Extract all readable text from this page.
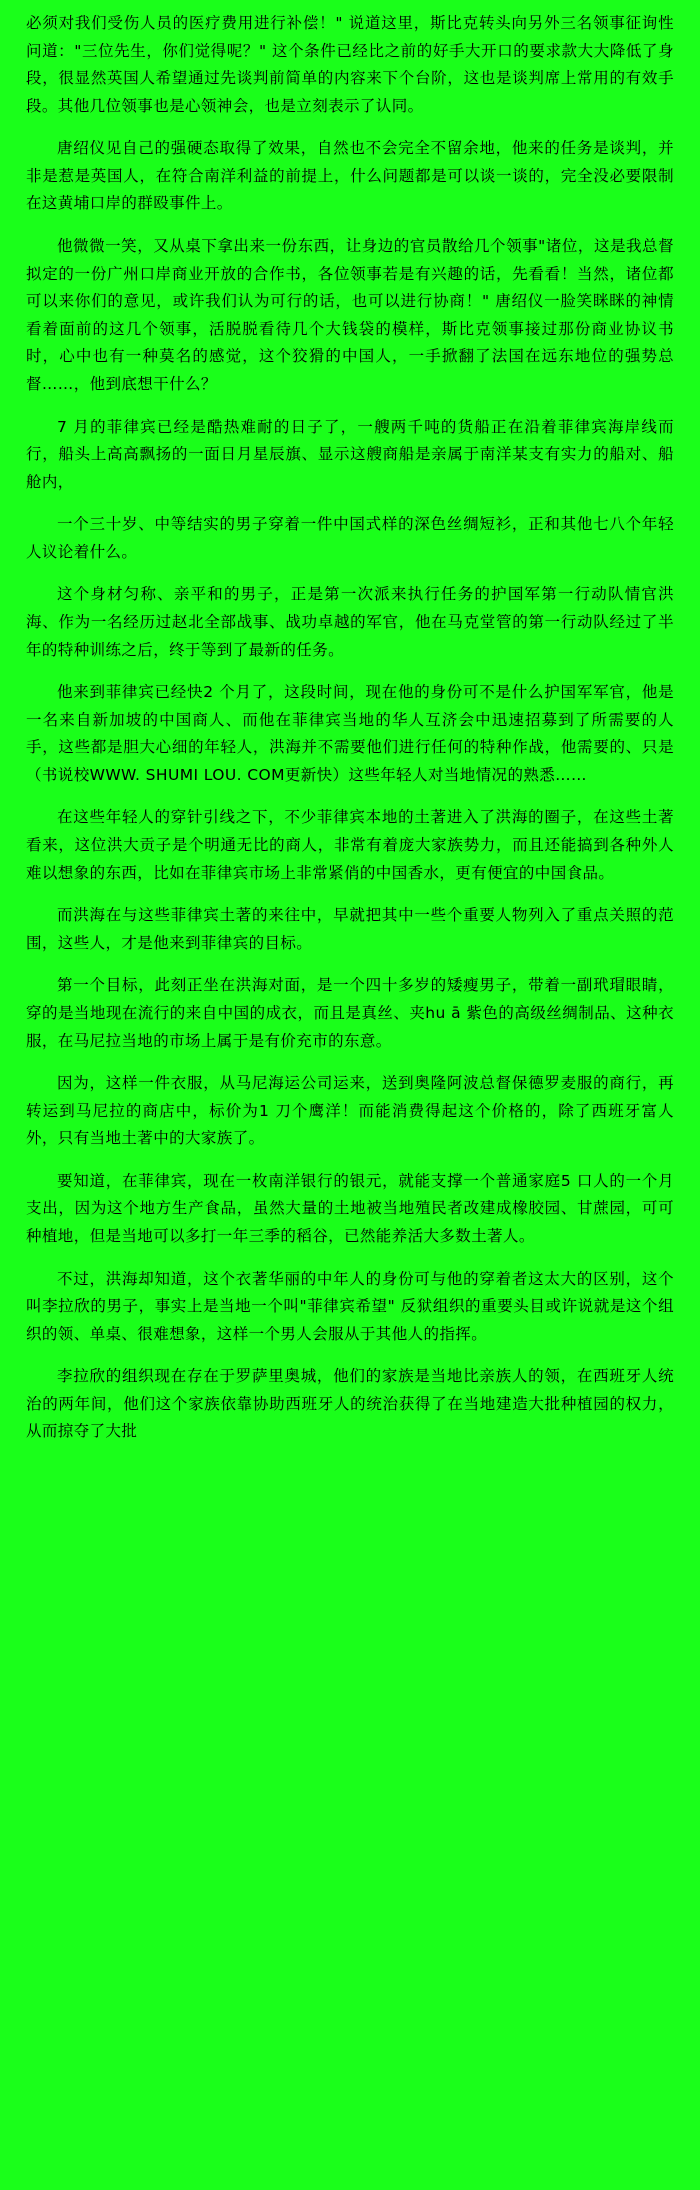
必须对我们受伤人员的医疗费用进行补偿！" 说道这里，斯比克转头向另外三名领事征询性问道："三位先生，你们觉得呢？" 这个条件已经比之前的好手大开口的要求款大大降低了身段，很显然英国人希望通过先谈判前简单的内容来下个台阶，这也是谈判席上常用的有效手段。其他几位领事也是心领神会，也是立刻表示了认同。

唐绍仪见自己的强硬态取得了效果，自然也不会完全不留余地，他来的任务是谈判，并非是惹是英国人，在符合南洋利益的前提上，什么问题都是可以谈一谈的，完全没必要限制在这黄埔口岸的群殴事件上。

他微微一笑，又从桌下拿出来一份东西，让身边的官员散给几个领事"诸位，这是我总督拟定的一份广州口岸商业开放的合作书，各位领事若是有兴趣的话，先看看！当然，诸位都可以来你们的意见，或许我们认为可行的话，也可以进行协商！" 唐绍仪一脸笑眯眯的神情看着面前的这几个领事，活脱脱看待几个大钱袋的模样，斯比克领事接过那份商业协议书时，心中也有一种莫名的感觉，这个狡猾的中国人，一手掀翻了法国在远东地位的强势总督……，他到底想干什么？

7 月的菲律宾已经是酷热难耐的日子了，一艘两千吨的货船正在沿着菲律宾海岸线而行，船头上高高飘扬的一面日月星辰旗、显示这艘商船是亲属于南洋某支有实力的船对、船舱内，

一个三十岁、中等结实的男子穿着一件中国式样的深色丝绸短衫，正和其他七八个年轻人议论着什么。

这个身材匀称、亲平和的男子，正是第一次派来执行任务的护国军第一行动队情官洪海、作为一名经历过赵北全部战事、战功卓越的军官，他在马克堂管的第一行动队经过了半年的特种训练之后，终于等到了最新的任务。

他来到菲律宾已经快2 个月了，这段时间，现在他的身份可不是什么护国军军官，他是一名来自新加坡的中国商人、而他在菲律宾当地的华人互济会中迅速招募到了所需要的人手，这些都是胆大心细的年轻人，洪海并不需要他们进行任何的特种作战，他需要的、只是（书说校WWW. SHUMI LOU. COM更新快）这些年轻人对当地情况的熟悉……

在这些年轻人的穿针引线之下，不少菲律宾本地的土著进入了洪海的圈子，在这些土著看来，这位洪大贡子是个明通无比的商人，非常有着庞大家族势力，而且还能搞到各种外人难以想象的东西，比如在菲律宾市场上非常紧俏的中国香水，更有便宜的中国食品。

而洪海在与这些菲律宾土著的来往中，早就把其中一些个重要人物列入了重点关照的范围，这些人，才是他来到菲律宾的目标。

第一个目标，此刻正坐在洪海对面，是一个四十多岁的矮瘦男子，带着一副玳瑁眼睛，穿的是当地现在流行的来自中国的成衣，而且是真丝、夹hu ā 紫色的高级丝绸制品、这种衣服，在马尼拉当地的市场上属于是有价充市的东意。

因为，这样一件衣服，从马尼海运公司运来，送到奥隆阿波总督保德罗麦服的商行，再转运到马尼拉的商店中，标价为1 刀个鹰洋！而能消费得起这个价格的，除了西班牙富人外，只有当地土著中的大家族了。

要知道，在菲律宾，现在一枚南洋银行的银元，就能支撑一个普通家庭5 口人的一个月支出，因为这个地方生产食品，虽然大量的土地被当地殖民者改建成橡胶园、甘蔗园，可可种植地，但是当地可以多打一年三季的稻谷，已然能养活大多数土著人。

不过，洪海却知道，这个衣著华丽的中年人的身份可与他的穿着者这太大的区别，这个叫李拉欣的男子，事实上是当地一个叫"菲律宾希望" 反狱组织的重要头目或许说就是这个组织的领、单桌、很难想象，这样一个男人会服从于其他人的指挥。

李拉欣的组织现在存在于罗萨里奥城，他们的家族是当地比亲族人的领，在西班牙人统治的两年间，他们这个家族依靠协助西班牙人的统治获得了在当地建造大批种植园的权力，从而掠夺了大批
